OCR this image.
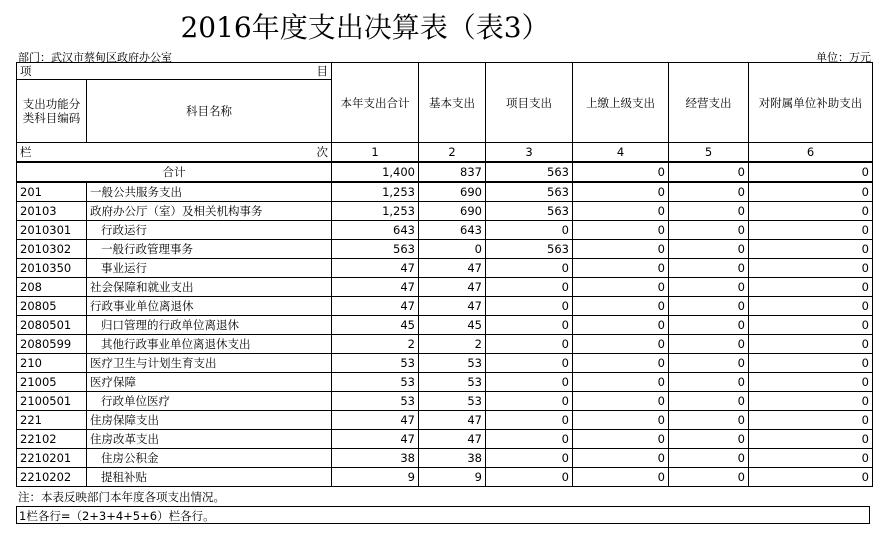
2016年度支出决算表（表3）
部门：武汉市蔡甸区政府办公室	单位：万元
项 目		本年支出合计	基本支出	项目支出	上缴上级支出	经营支出	对附属单位补助支出
支出功能分类科目编码	科目名称						

栏 次		1	2	3	4	5	6
合计		1,400	837	563	0	0	0
201	一般公共服务支出	1,253	690	563	0	0	0
20103	政府办公厅（室）及相关机构事务	1,253	690	563	0	0	0
2010301	行政运行	643	643	0	0	0	0
2010302	一般行政管理事务	563	0	563	0	0	0
2010350	事业运行	47	47	0	0	0	0
208	社会保障和就业支出	47	47	0	0	0	0
20805	行政事业单位离退休	47	47	0	0	0	0
2080501	归口管理的行政单位离退休	45	45	0	0	0	0
2080599	其他行政事业单位离退休支出	2	2	0	0	0	0
210	医疗卫生与计划生育支出	53	53	0	0	0	0
21005	医疗保障	53	53	0	0	0	0
2100501	行政单位医疗	53	53	0	0	0	0
221	住房保障支出	47	47	0	0	0	0
22102	住房改革支出	47	47	0	0	0	0
2210201	住房公积金	38	38	0	0	0	0
2210202	提租补贴	9	9	0	0	0	0
注：本表反映部门本年度各项支出情况。
1栏各行=（2+3+4+5+6）栏各行。
